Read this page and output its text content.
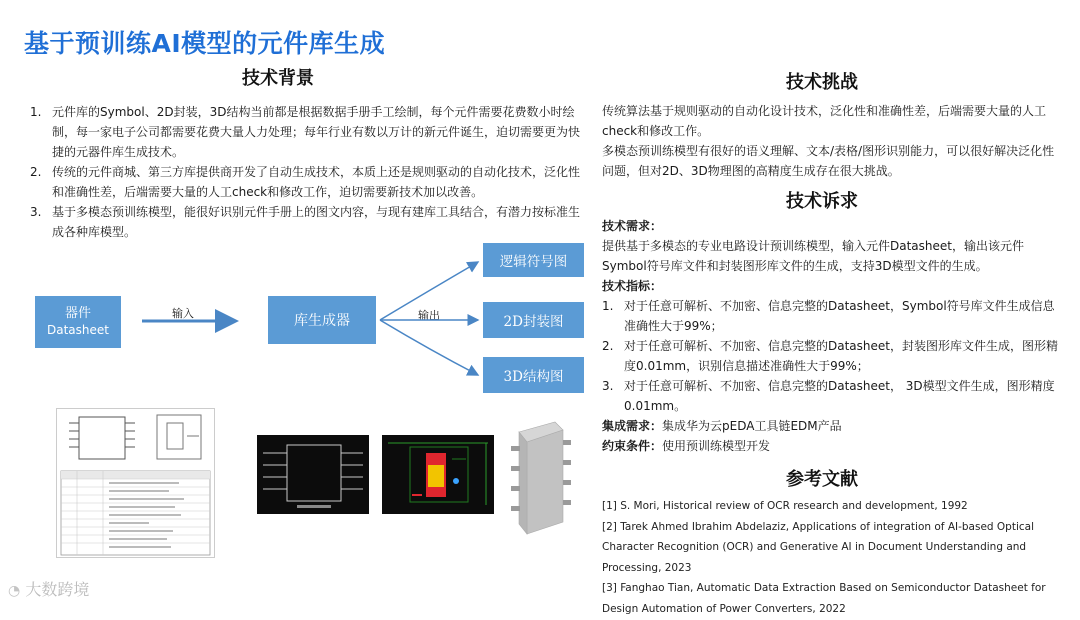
基于预训练AI模型的元件库生成
技术背景
1. 元件库的Symbol、2D封装，3D结构当前都是根据数据手册手工绘制，每个元件需要花费数小时绘制，每一家电子公司都需要花费大量人力处理；每年行业有数以万计的新元件诞生，迫切需要更为快捷的元器件库生成技术。
2. 传统的元件商城、第三方库提供商开发了自动生成技术，本质上还是规则驱动的自动化技术，泛化性和准确性差，后端需要大量的人工check和修改工作，迫切需要新技术加以改善。
3. 基于多模态预训练模型，能很好识别元件手册上的图文内容，与现有建库工具结合，有潜力按标准生成各种库模型。
器件
Datasheet
输入	库生成器	输出
逻辑符号图
2D封装图
3D结构图
◔ 大数跨境
技术挑战
传统算法基于规则驱动的自动化设计技术，泛化性和准确性差，后端需要大量的人工check和修改工作。
多模态预训练模型有很好的语义理解、文本/表格/图形识别能力，可以很好解决泛化性问题，但对2D、3D物理图的高精度生成存在很大挑战。
技术诉求
技术需求：
提供基于多模态的专业电路设计预训练模型，输入元件Datasheet，输出该元件Symbol符号库文件和封装图形库文件的生成，支持3D模型文件的生成。
技术指标：
1. 对于任意可解析、不加密、信息完整的Datasheet，Symbol符号库文件生成信息准确性大于99%；
2. 对于任意可解析、不加密、信息完整的Datasheet，封装图形库文件生成，图形精度0.01mm，识别信息描述准确性大于99%；
3. 对于任意可解析、不加密、信息完整的Datasheet， 3D模型文件生成，图形精度0.01mm。
集成需求：集成华为云pEDA工具链EDM产品
约束条件：使用预训练模型开发
参考文献
[1] S. Mori, Historical review of OCR research and development, 1992
[2] Tarek Ahmed Ibrahim Abdelaziz, Applications of integration of AI-based Optical Character Recognition (OCR) and Generative AI in Document Understanding and Processing, 2023
[3] Fanghao Tian, Automatic Data Extraction Based on Semiconductor Datasheet for Design Automation of Power Converters, 2022
